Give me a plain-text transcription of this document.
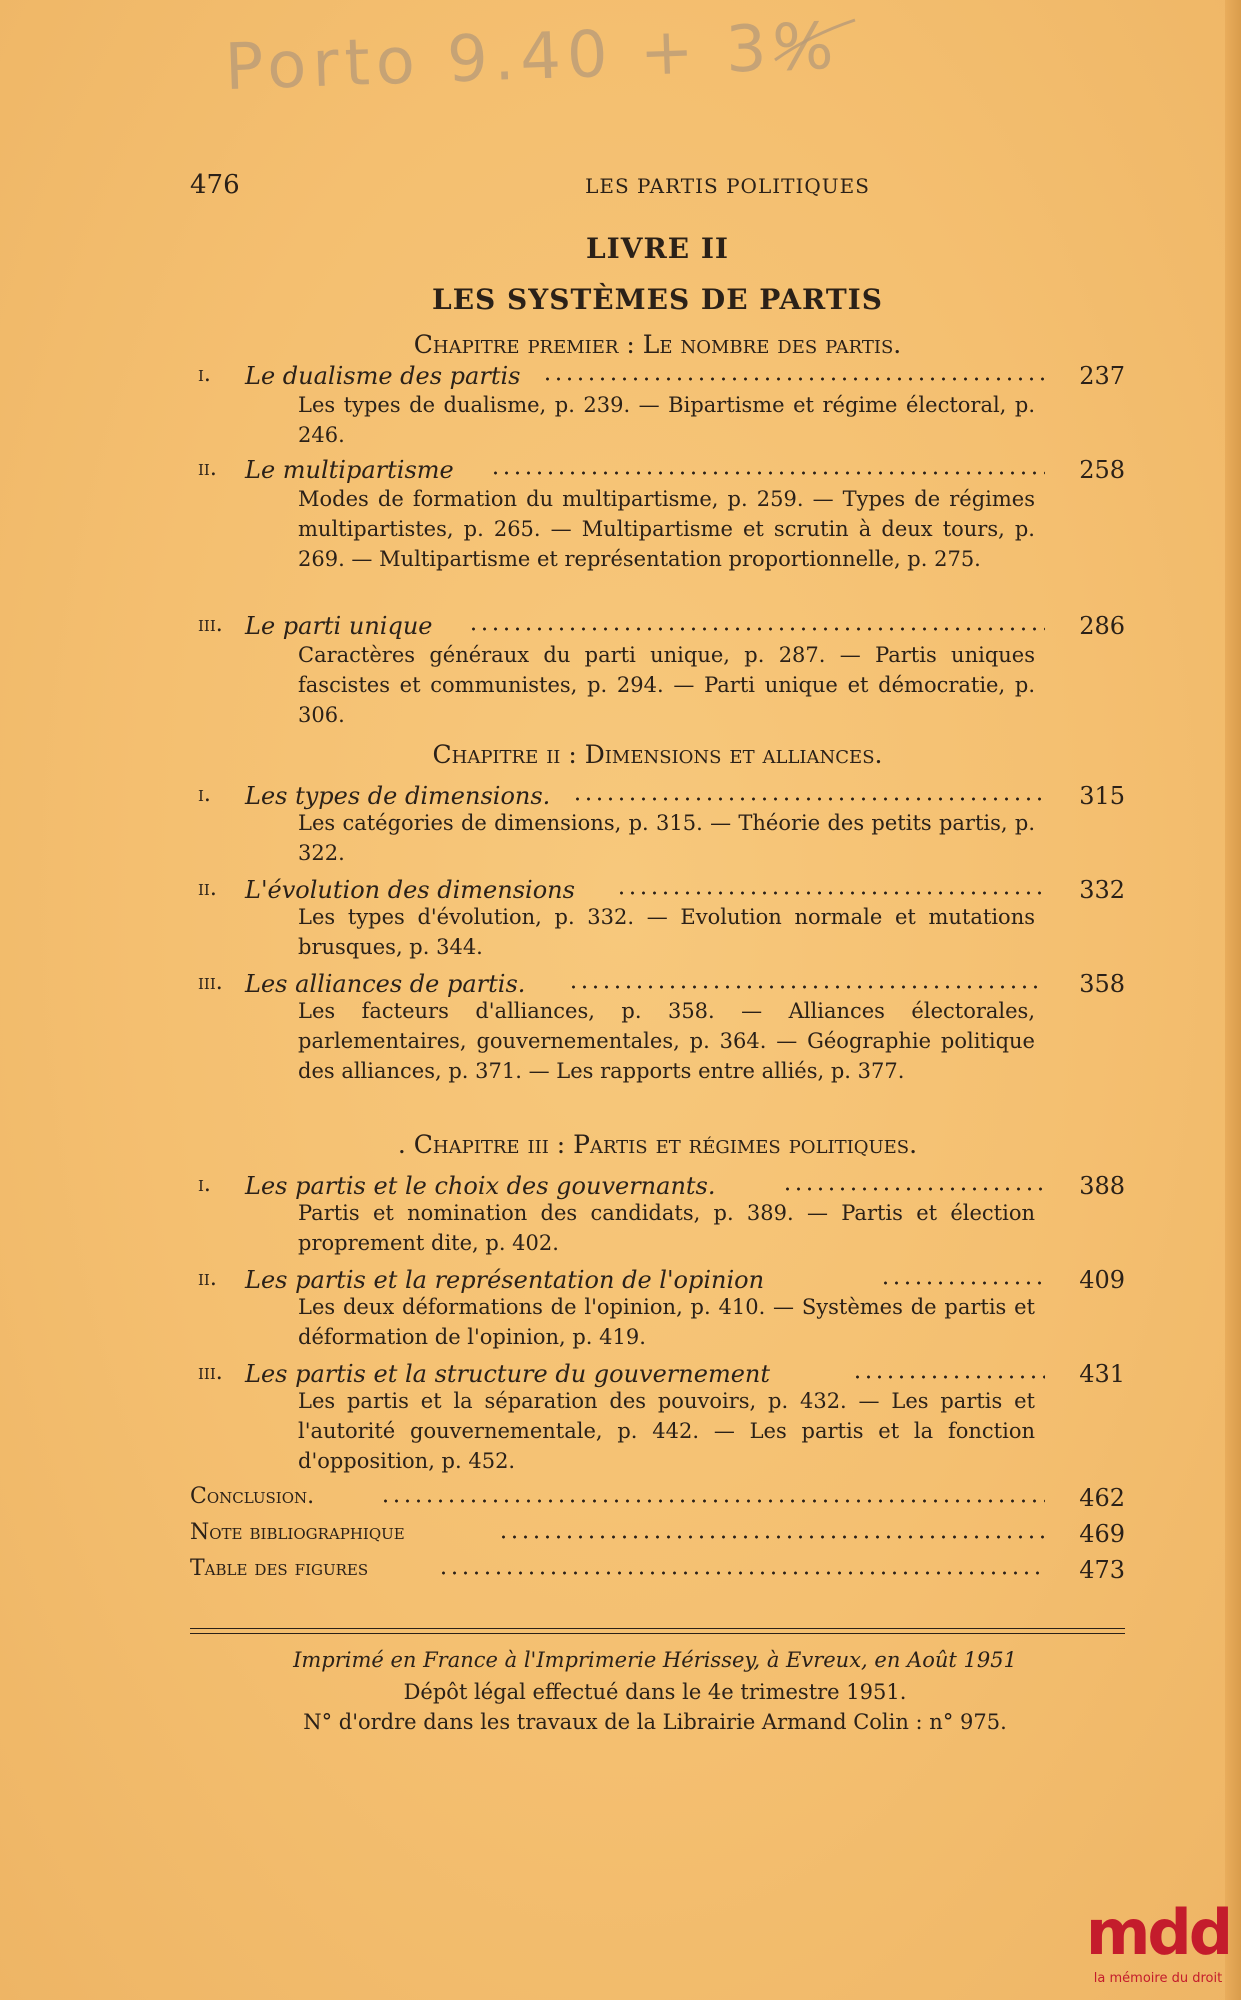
Porto 9.40 + 3%
476	LES PARTIS POLITIQUES
LIVRE II
LES SYSTÈMES DE PARTIS
Chapitre premier : Le nombre des partis.
i. Le dualisme des partis	237
Les types de dualisme, p. 239. — Bipartisme et régime électoral, p. 246.
ii. Le multipartisme	258
Modes de formation du multipartisme, p. 259. — Types de régimes multipartistes, p. 265. — Multipartisme et scrutin à deux tours, p. 269. — Multipartisme et représentation proportionnelle, p. 275.
iii. Le parti unique	286
Caractères généraux du parti unique, p. 287. — Partis uniques fascistes et communistes, p. 294. — Parti unique et démocratie, p. 306.
Chapitre ii : Dimensions et alliances.
i. Les types de dimensions.	315
Les catégories de dimensions, p. 315. — Théorie des petits partis, p. 322.
ii. L'évolution des dimensions	332
Les types d'évolution, p. 332. — Evolution normale et mutations brusques, p. 344.
iii. Les alliances de partis.	358
Les facteurs d'alliances, p. 358. — Alliances électorales, parlementaires, gouvernementales, p. 364. — Géographie politique des alliances, p. 371. — Les rapports entre alliés, p. 377.
. Chapitre iii : Partis et régimes politiques.
i. Les partis et le choix des gouvernants.	388
Partis et nomination des candidats, p. 389. — Partis et élection proprement dite, p. 402.
ii. Les partis et la représentation de l'opinion	409
Les deux déformations de l'opinion, p. 410. — Systèmes de partis et déformation de l'opinion, p. 419.
iii. Les partis et la structure du gouvernement	431
Les partis et la séparation des pouvoirs, p. 432. — Les partis et l'autorité gouvernementale, p. 442. — Les partis et la fonction d'opposition, p. 452.
Conclusion.	462
Note bibliographique	469
Table des figures	473
Imprimé en France à l'Imprimerie Hérissey, à Evreux, en Août 1951
Dépôt légal effectué dans le 4e trimestre 1951.
N° d'ordre dans les travaux de la Librairie Armand Colin : n° 975.
mdd
la mémoire du droit
